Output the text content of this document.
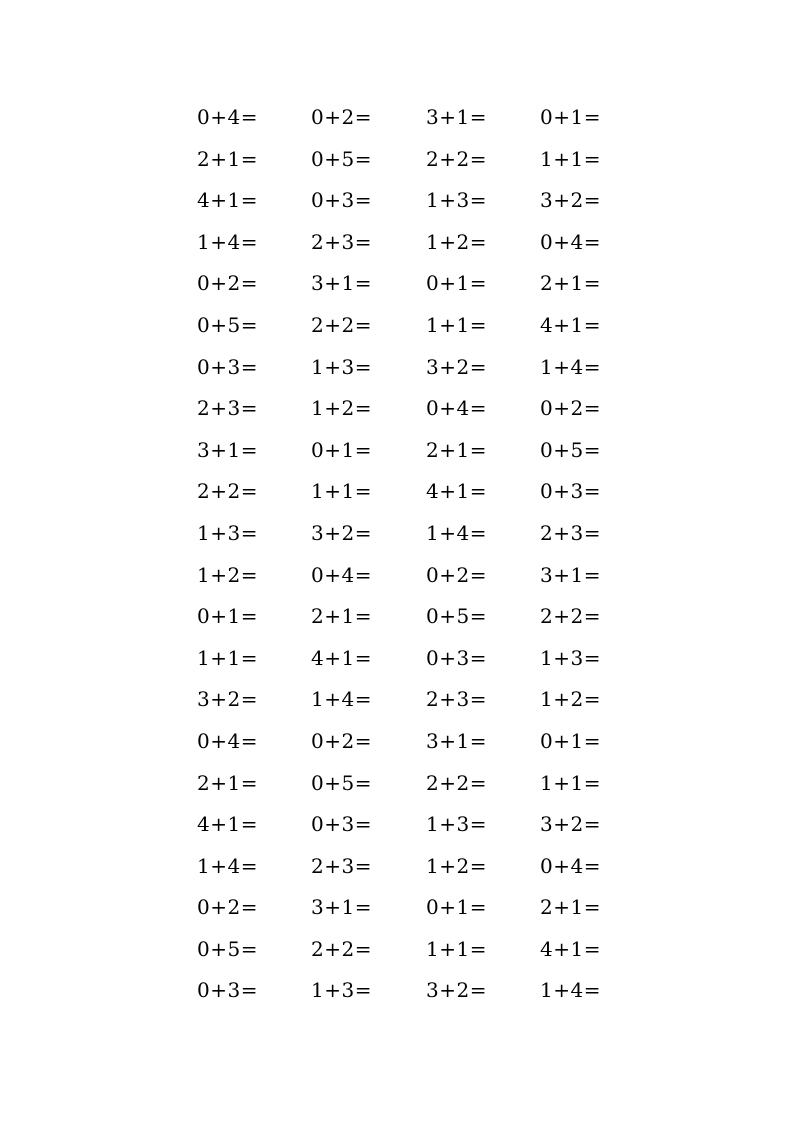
0+4=	0+2=	3+1=	0+1=
2+1=	0+5=	2+2=	1+1=
4+1=	0+3=	1+3=	3+2=
1+4=	2+3=	1+2=	0+4=
0+2=	3+1=	0+1=	2+1=
0+5=	2+2=	1+1=	4+1=
0+3=	1+3=	3+2=	1+4=
2+3=	1+2=	0+4=	0+2=
3+1=	0+1=	2+1=	0+5=
2+2=	1+1=	4+1=	0+3=
1+3=	3+2=	1+4=	2+3=
1+2=	0+4=	0+2=	3+1=
0+1=	2+1=	0+5=	2+2=
1+1=	4+1=	0+3=	1+3=
3+2=	1+4=	2+3=	1+2=
0+4=	0+2=	3+1=	0+1=
2+1=	0+5=	2+2=	1+1=
4+1=	0+3=	1+3=	3+2=
1+4=	2+3=	1+2=	0+4=
0+2=	3+1=	0+1=	2+1=
0+5=	2+2=	1+1=	4+1=
0+3=	1+3=	3+2=	1+4=
